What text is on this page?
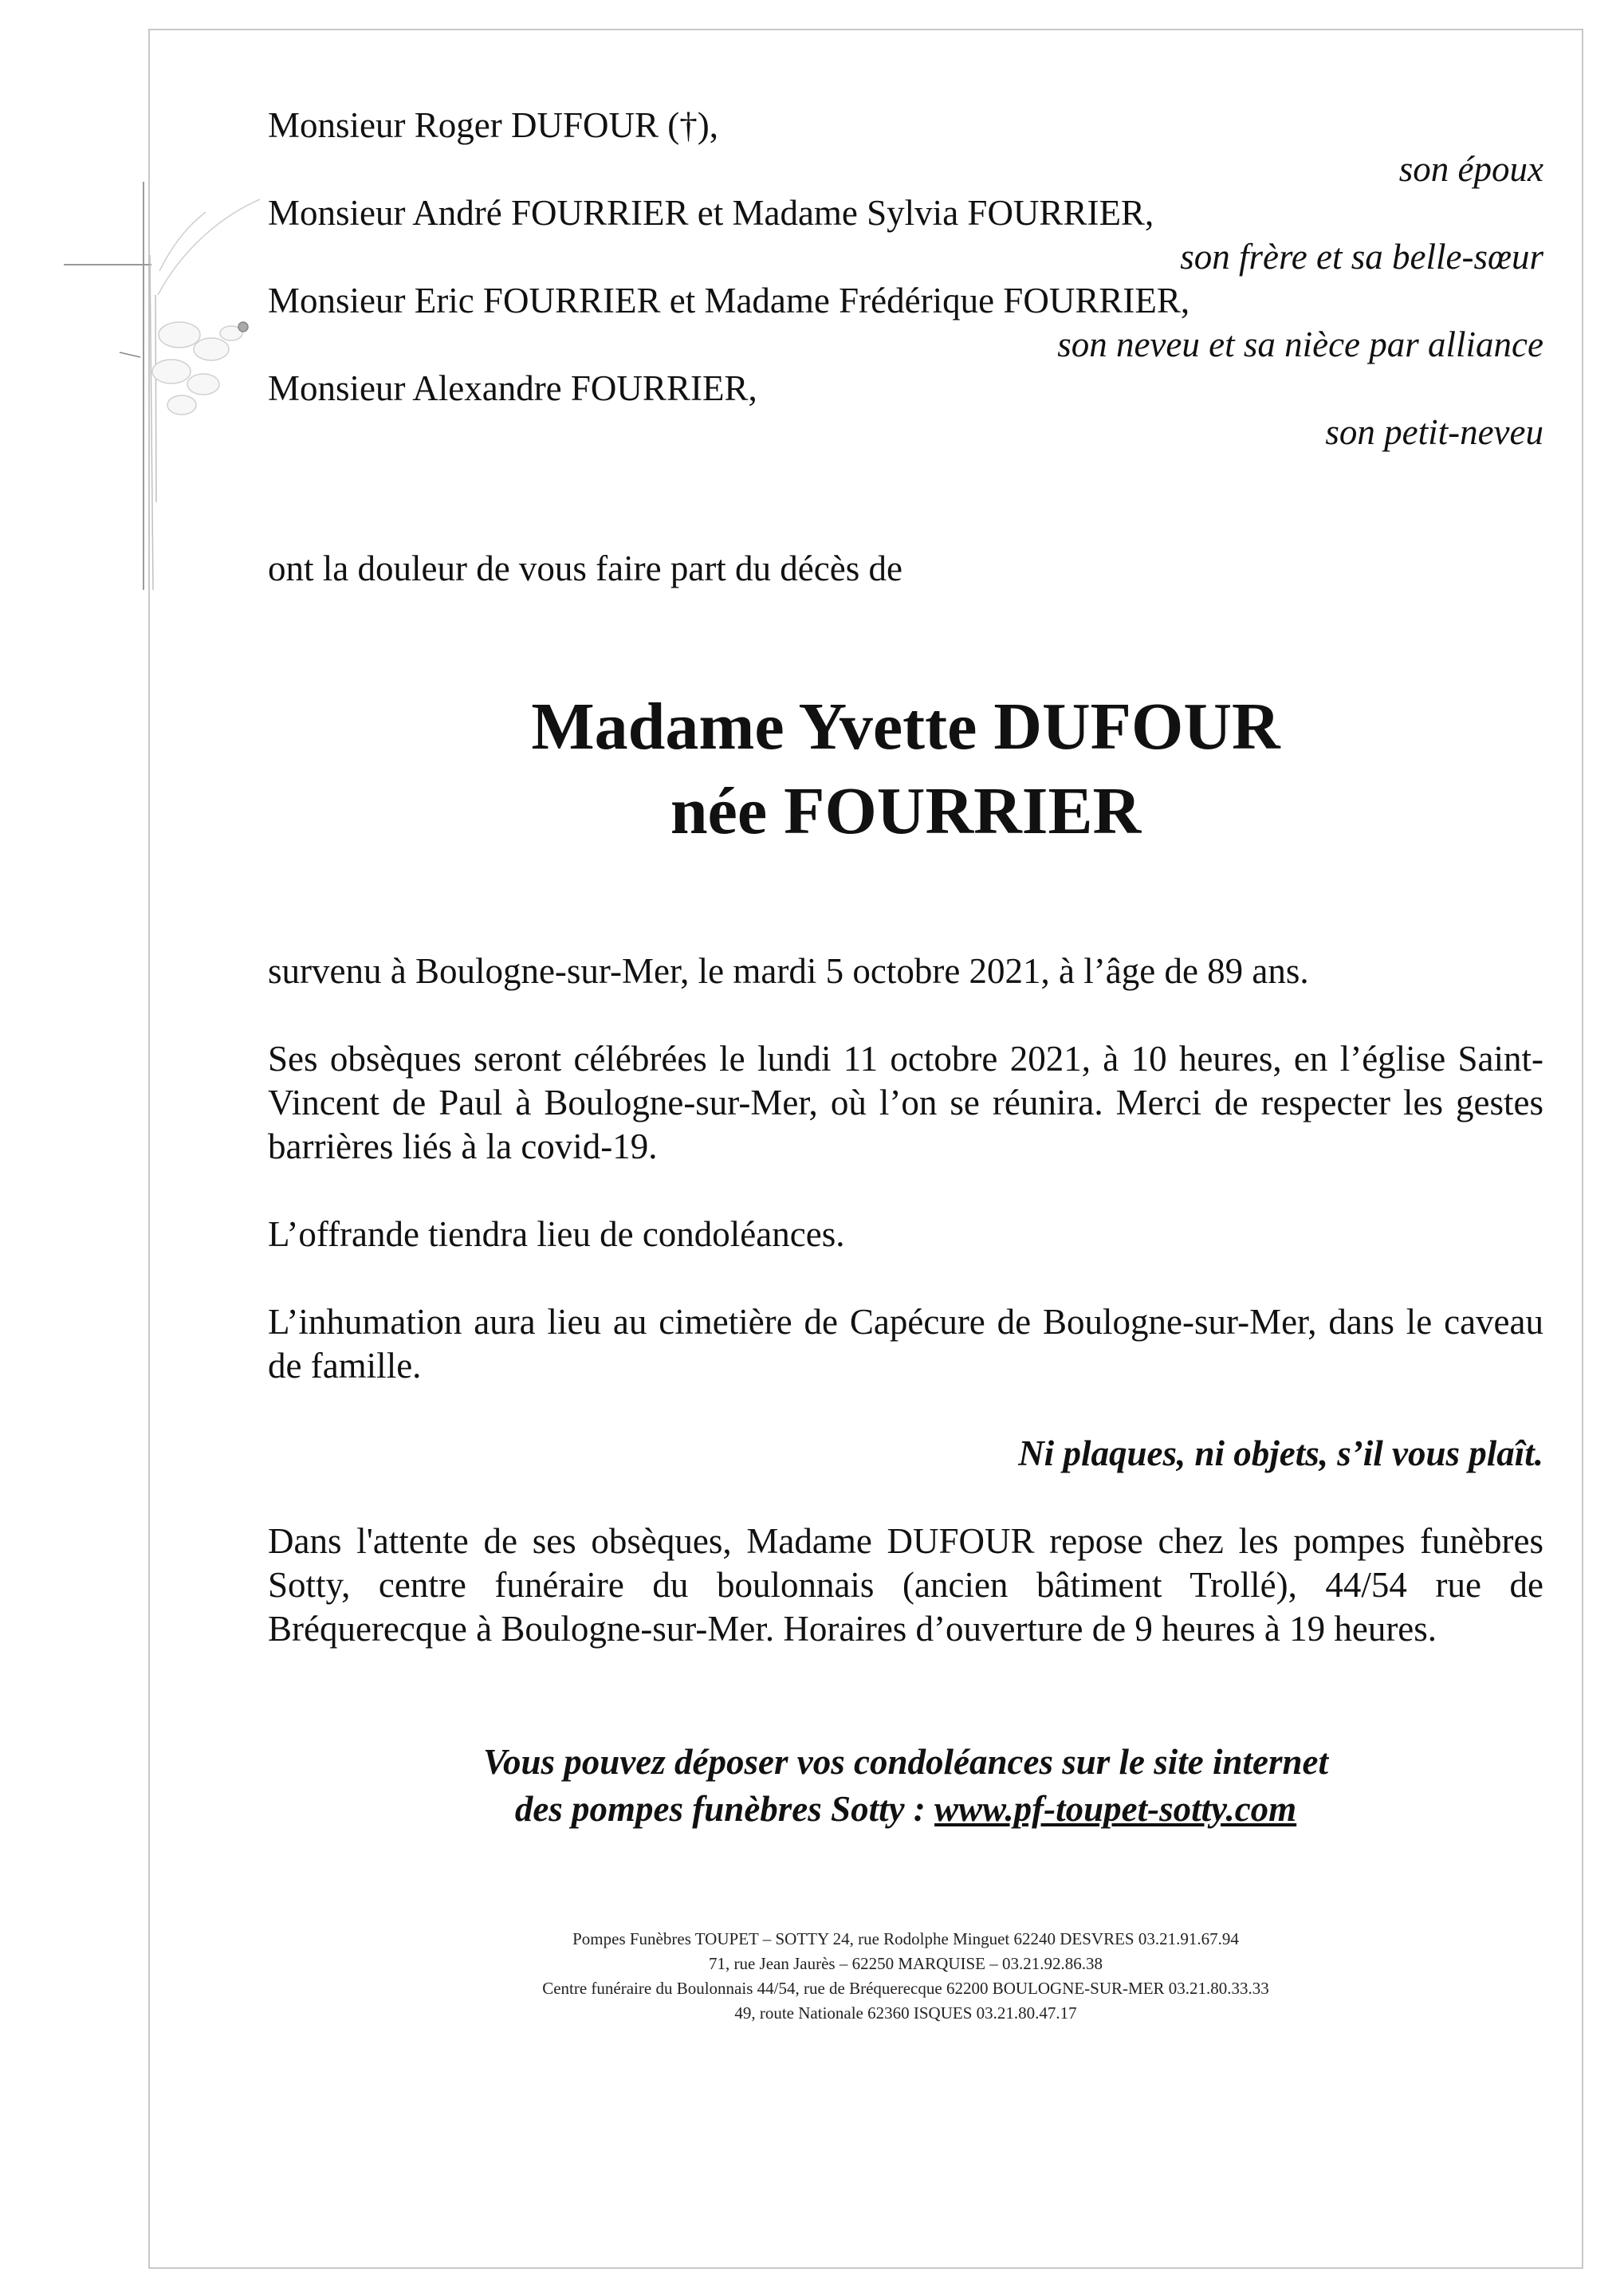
Monsieur Roger DUFOUR (†),
son époux
Monsieur André FOURRIER et Madame Sylvia FOURRIER,
son frère et sa belle-sœur
Monsieur Eric FOURRIER et Madame Frédérique FOURRIER,
son neveu et sa nièce par alliance
Monsieur Alexandre FOURRIER,
son petit-neveu
ont la douleur de vous faire part du décès de
Madame Yvette DUFOUR
née FOURRIER

survenu à Boulogne-sur-Mer, le mardi 5 octobre 2021, à l’âge de 89 ans.

Ses obsèques seront célébrées le lundi 11 octobre 2021, à 10 heures, en l’église Saint-Vincent de Paul à Boulogne-sur-Mer, où l’on se réunira. Merci de respecter les gestes barrières liés à la covid-19.

L’offrande tiendra lieu de condoléances.

L’inhumation aura lieu au cimetière de Capécure de Boulogne-sur-Mer, dans le caveau de famille.

Ni plaques, ni objets, s’il vous plaît.

Dans l'attente de ses obsèques, Madame DUFOUR repose chez les pompes funèbres Sotty, centre funéraire du boulonnais (ancien bâtiment Trollé), 44/54 rue de Bréquerecque à Boulogne-sur-Mer. Horaires d’ouverture de 9 heures à 19 heures.

Vous pouvez déposer vos condoléances sur le site internet
des pompes funèbres Sotty : www.pf-toupet-sotty.com
Pompes Funèbres TOUPET – SOTTY 24, rue Rodolphe Minguet 62240 DESVRES 03.21.91.67.94
71, rue Jean Jaurès – 62250 MARQUISE – 03.21.92.86.38
Centre funéraire du Boulonnais 44/54, rue de Bréquerecque 62200 BOULOGNE-SUR-MER 03.21.80.33.33
49, route Nationale 62360 ISQUES 03.21.80.47.17
